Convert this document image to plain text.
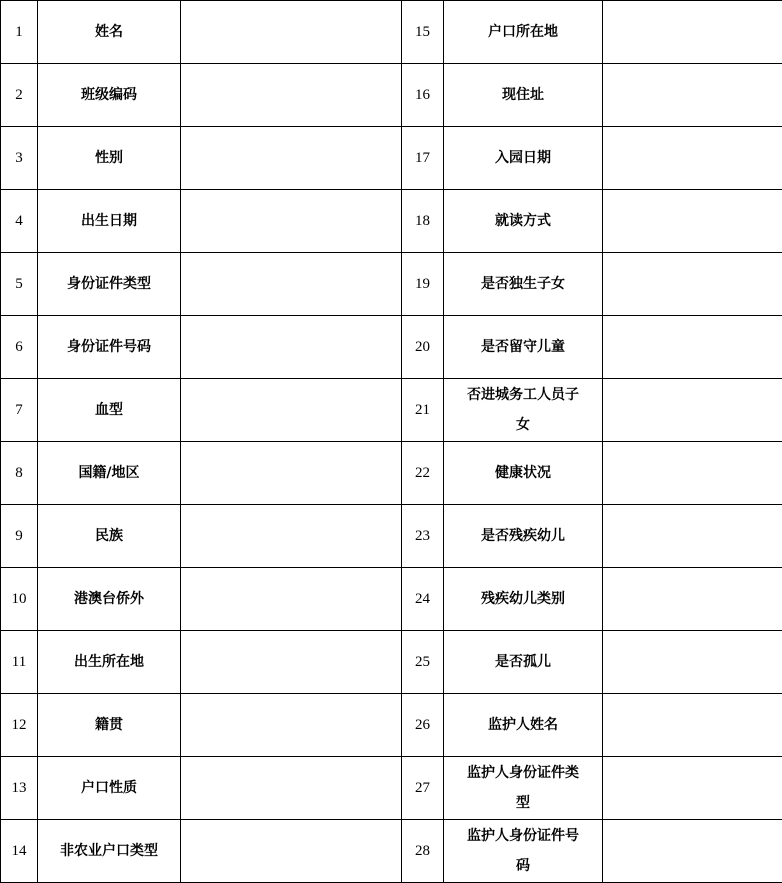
1	姓名		15	户口所在地	
2	班级编码		16	现住址	
3	性别		17	入园日期	
4	出生日期		18	就读方式	
5	身份证件类型		19	是否独生子女	
6	身份证件号码		20	是否留守儿童	
7	血型		21	否进城务工人员子女	
8	国籍/地区		22	健康状况	
9	民族		23	是否残疾幼儿	
10	港澳台侨外		24	残疾幼儿类别	
11	出生所在地		25	是否孤儿	
12	籍贯		26	监护人姓名	
13	户口性质		27	监护人身份证件类型	
14	非农业户口类型		28	监护人身份证件号码	
